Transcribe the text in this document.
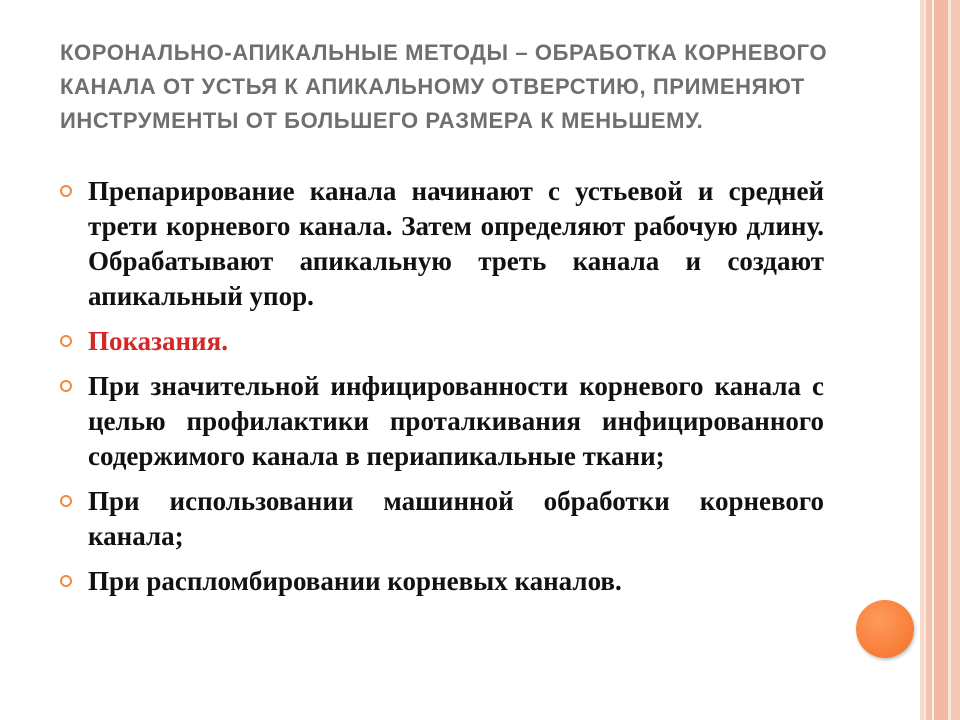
КОРОНАЛЬНО-АПИКАЛЬНЫЕ МЕТОДЫ – ОБРАБОТКА КОРНЕВОГО КАНАЛА ОТ УСТЬЯ К АПИКАЛЬНОМУ ОТВЕРСТИЮ, ПРИМЕНЯЮТ ИНСТРУМЕНТЫ ОТ БОЛЬШЕГО РАЗМЕРА К МЕНЬШЕМУ.
Препарирование канала начинают с устьевой и средней трети корневого канала. Затем определяют рабочую длину. Обрабатывают апикальную треть канала и создают апикальный упор.
Показания.
При значительной инфицированности корневого канала с целью профилактики проталкивания инфицированного содержимого канала в периапикальные ткани;
При использовании машинной обработки корневого канала;
При распломбировании корневых каналов.
